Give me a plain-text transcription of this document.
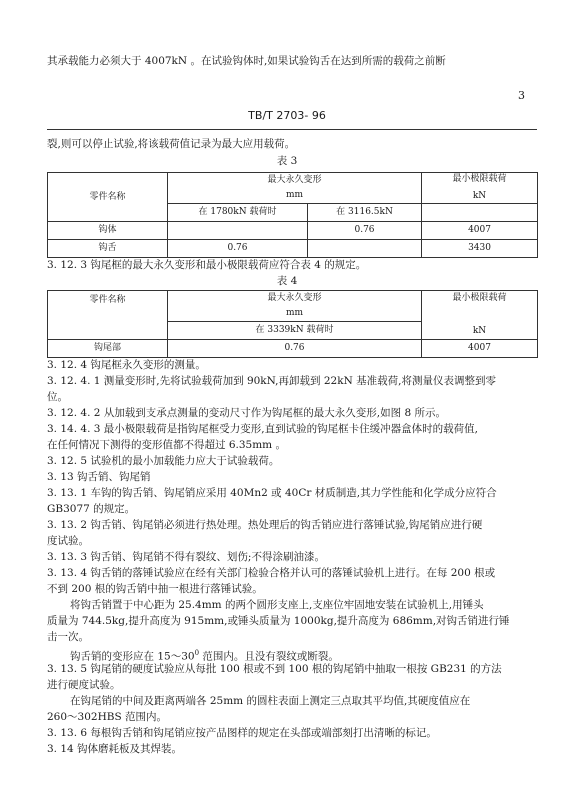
其承载能力必须大于 4007kN 。在试验钩体时,如果试验钩舌在达到所需的载荷之前断
3
TB/T 2703- 96
裂,则可以停止试验,将该载荷值记录为最大应用载荷。
表 3
零件名称	最大永久变形		最小极限载荷
kN

	mm		
	在 1780kN 载荷时	在 3116.5kN	
钩体		0.76	4007
钩舌	0.76		3430
3. 12. 3 钩尾框的最大永久变形和最小极限载荷应符合表 4 的规定。
表 4
零件名称	最大永久变形	最小极限载荷
kN

	mm	
	在 3339kN 载荷时	
钩尾部	0.76	4007
3. 12. 4 钩尾框永久变形的测量。
3. 12. 4. 1 测量变形时,先将试验载荷加到 90kN,再卸载到 22kN 基准载荷,将测量仪表调整到零
位。
3. 12. 4. 2 从加载到支承点测量的变动尺寸作为钩尾框的最大永久变形,如图 8 所示。
3. 14. 4. 3 最小极限载荷是指钩尾框受力变形,直到试验的钩尾框卡住缓冲器盒体时的载荷值,
在任何情况下测得的变形值都不得超过 6.35mm 。
3. 12. 5 试验机的最小加载能力应大于试验载荷。
3. 13 钩舌销、钩尾销
3. 13. 1 车钩的钩舌销、钩尾销应采用 40Mn2 或 40Cr 材质制造,其力学性能和化学成分应符合
GB3077 的规定。
3. 13. 2 钩舌销、钩尾销必须进行热处理。热处理后的钩舌销应进行落锤试验,钩尾销应进行硬
度试验。
3. 13. 3 钩舌销、钩尾销不得有裂纹、划伤;不得涂刷油漆。
3. 13. 4 钩舌销的落锤试验应在经有关部门检验合格并认可的落锤试验机上进行。在每 200 根或
不到 200 根的钩舌销中抽一根进行落锤试验。
将钩舌销置于中心距为 25.4mm 的两个圆形支座上,支座位牢固地安装在试验机上,用锤头
质量为 744.5kg,提升高度为 915mm,或锤头质量为 1000kg,提升高度为 686mm,对钩舌销进行锤
击一次。
钩舌销的变形应在 $15\sim 30^0$ 范围内。且没有裂纹或断裂。
3. 13. 5 钩尾销的硬度试验应从每批 100 根或不到 100 根的钩尾销中抽取一根按 GB231 的方法
进行硬度试验。
在钩尾销的中间及距离两端各 25mm 的圆柱表面上测定三点取其平均值,其硬度值应在
260～302HBS 范围内。
3. 13. 6 每根钩舌销和钩尾销应按产品图样的规定在头部或端部刻打出清晰的标记。
3. 14 钩体磨耗板及其焊装。
